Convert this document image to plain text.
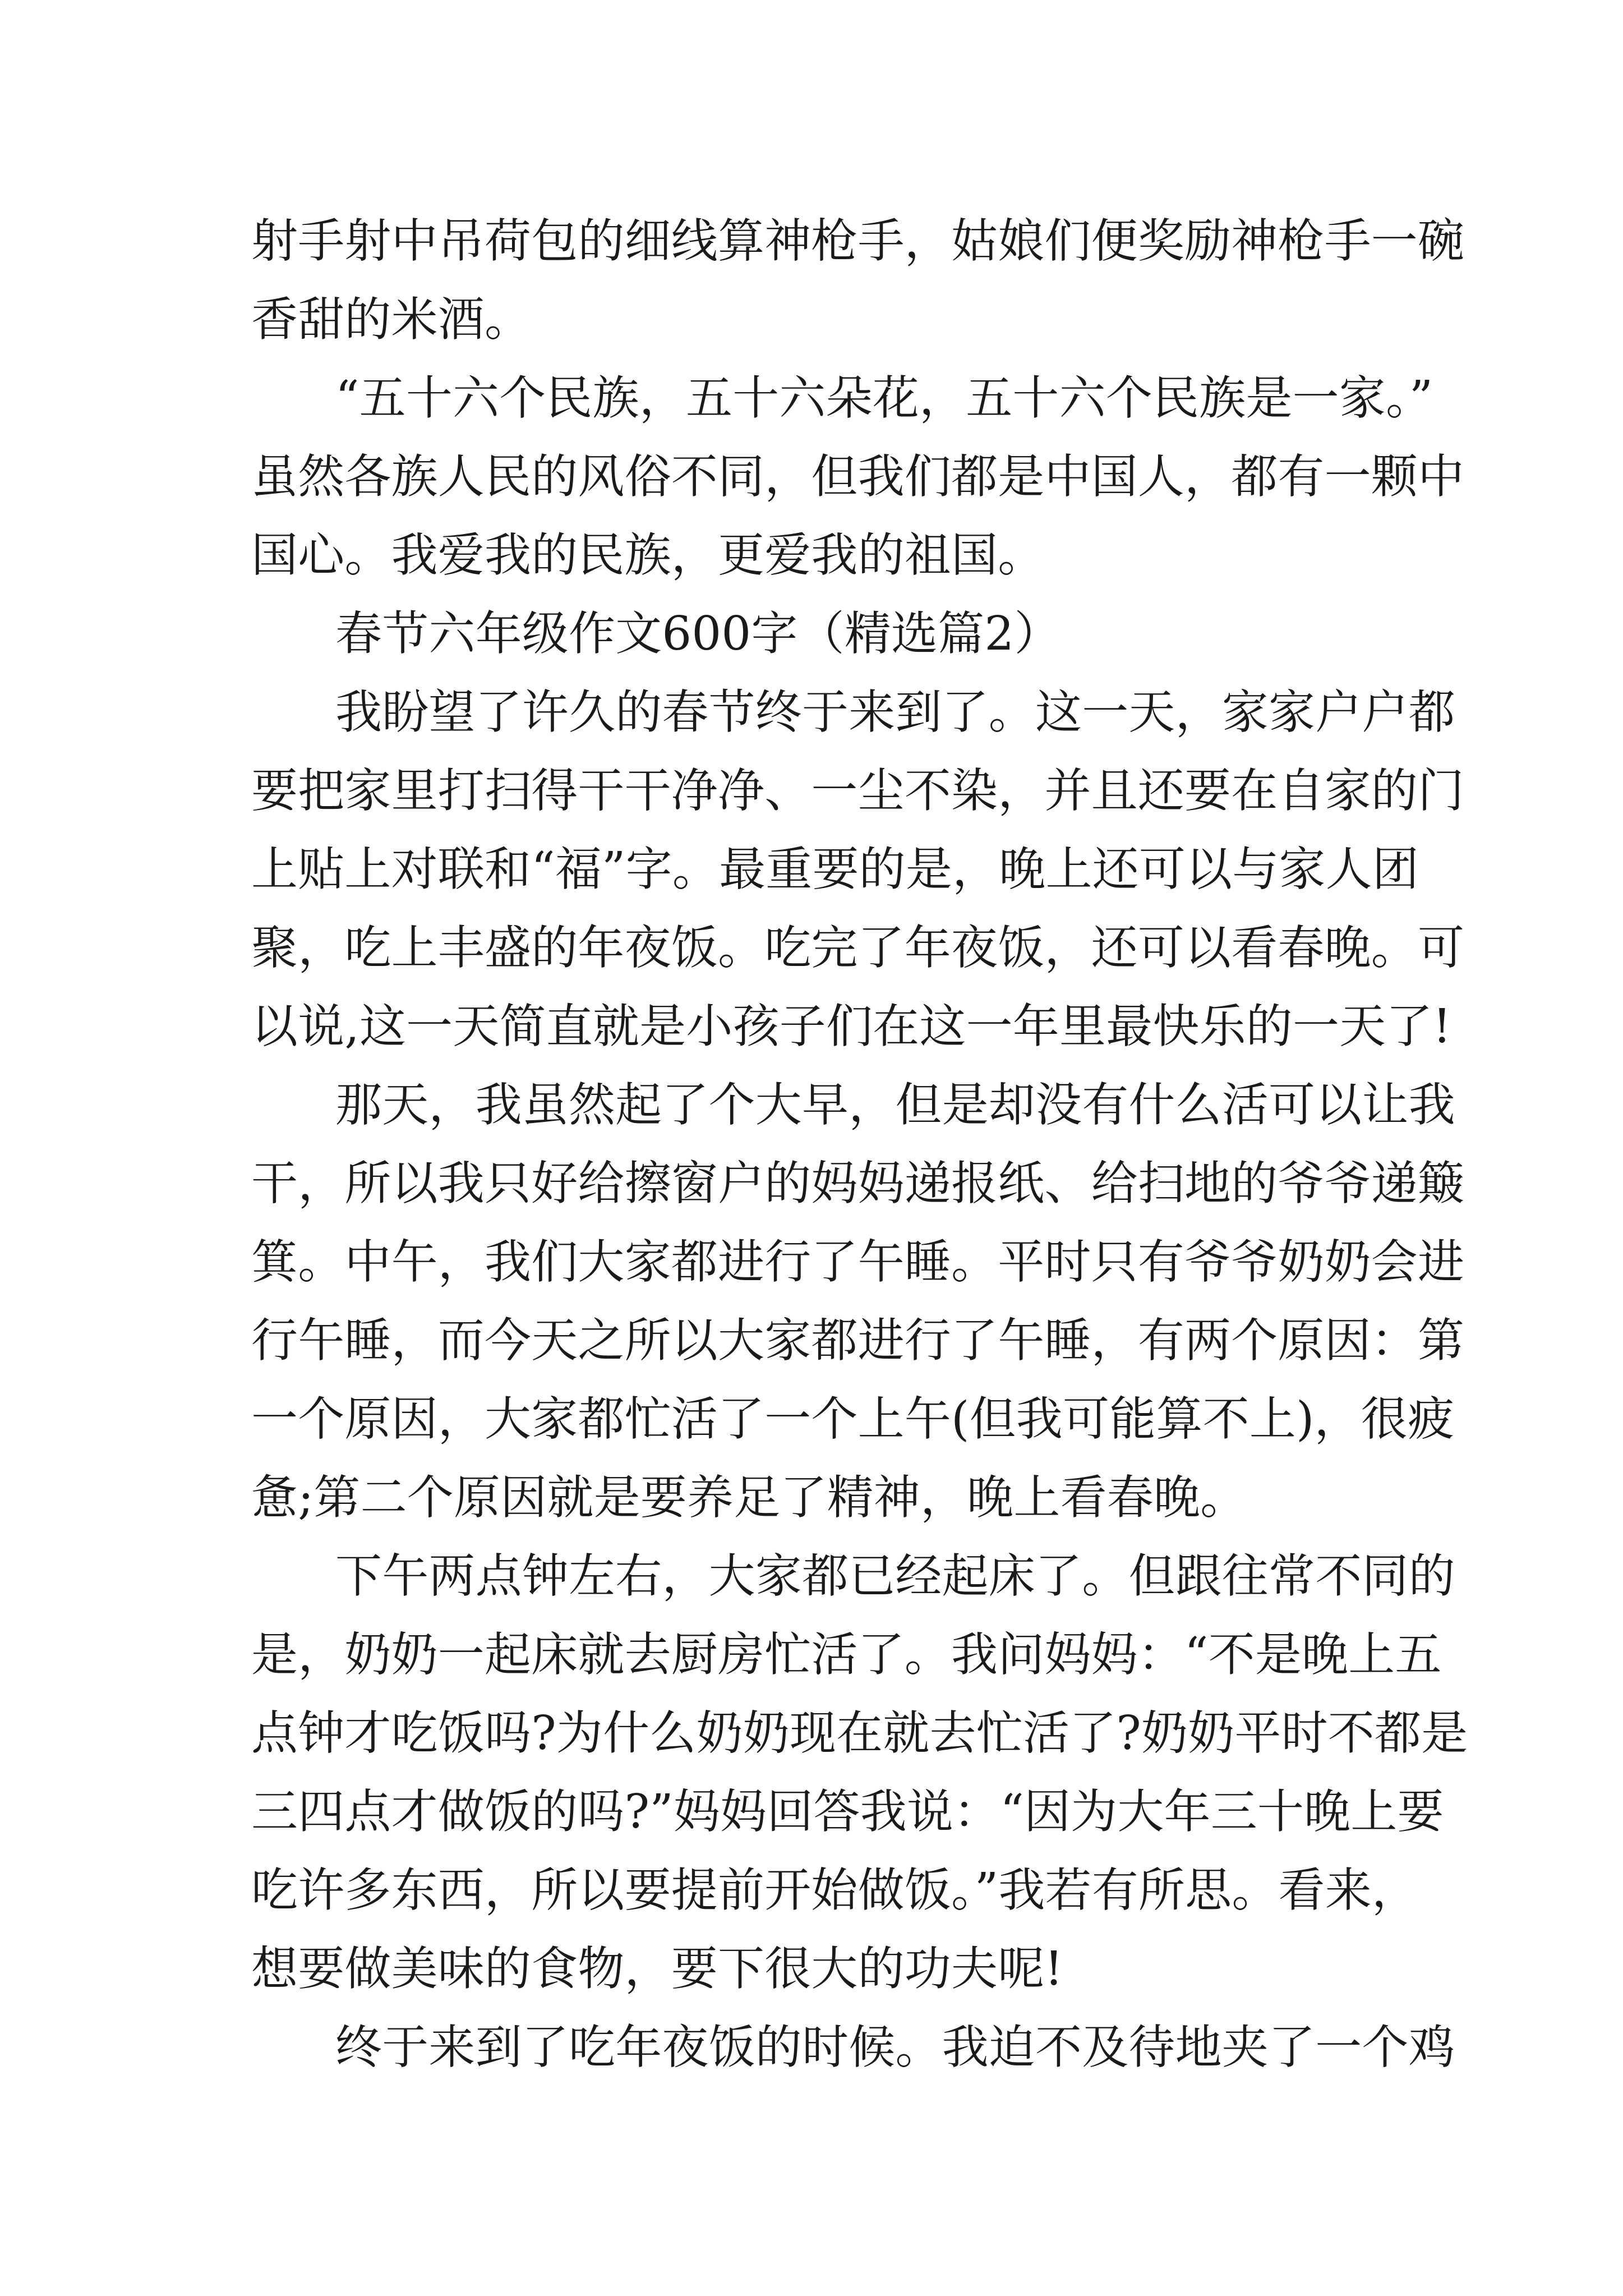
射手射中吊荷包的细线算神枪手，姑娘们便奖励神枪手一碗
香甜的米酒。
“五十六个民族，五十六朵花，五十六个民族是一家。”
虽然各族人民的风俗不同，但我们都是中国人，都有一颗中
国心。我爱我的民族，更爱我的祖国。
春节六年级作文600字（精选篇2）
我盼望了许久的春节终于来到了。这一天，家家户户都
要把家里打扫得干干净净、一尘不染，并且还要在自家的门
上贴上对联和“福”字。最重要的是，晚上还可以与家人团
聚，吃上丰盛的年夜饭。吃完了年夜饭，还可以看春晚。可
以说,这一天简直就是小孩子们在这一年里最快乐的一天了!
那天，我虽然起了个大早，但是却没有什么活可以让我
干，所以我只好给擦窗户的妈妈递报纸、给扫地的爷爷递簸
箕。中午，我们大家都进行了午睡。平时只有爷爷奶奶会进
行午睡，而今天之所以大家都进行了午睡，有两个原因：第
一个原因，大家都忙活了一个上午(但我可能算不上)，很疲
惫;第二个原因就是要养足了精神，晚上看春晚。
下午两点钟左右，大家都已经起床了。但跟往常不同的
是，奶奶一起床就去厨房忙活了。我问妈妈：“不是晚上五
点钟才吃饭吗?为什么奶奶现在就去忙活了?奶奶平时不都是
三四点才做饭的吗?”妈妈回答我说：“因为大年三十晚上要
吃许多东西，所以要提前开始做饭。”我若有所思。看来，
想要做美味的食物，要下很大的功夫呢!
终于来到了吃年夜饭的时候。我迫不及待地夹了一个鸡
